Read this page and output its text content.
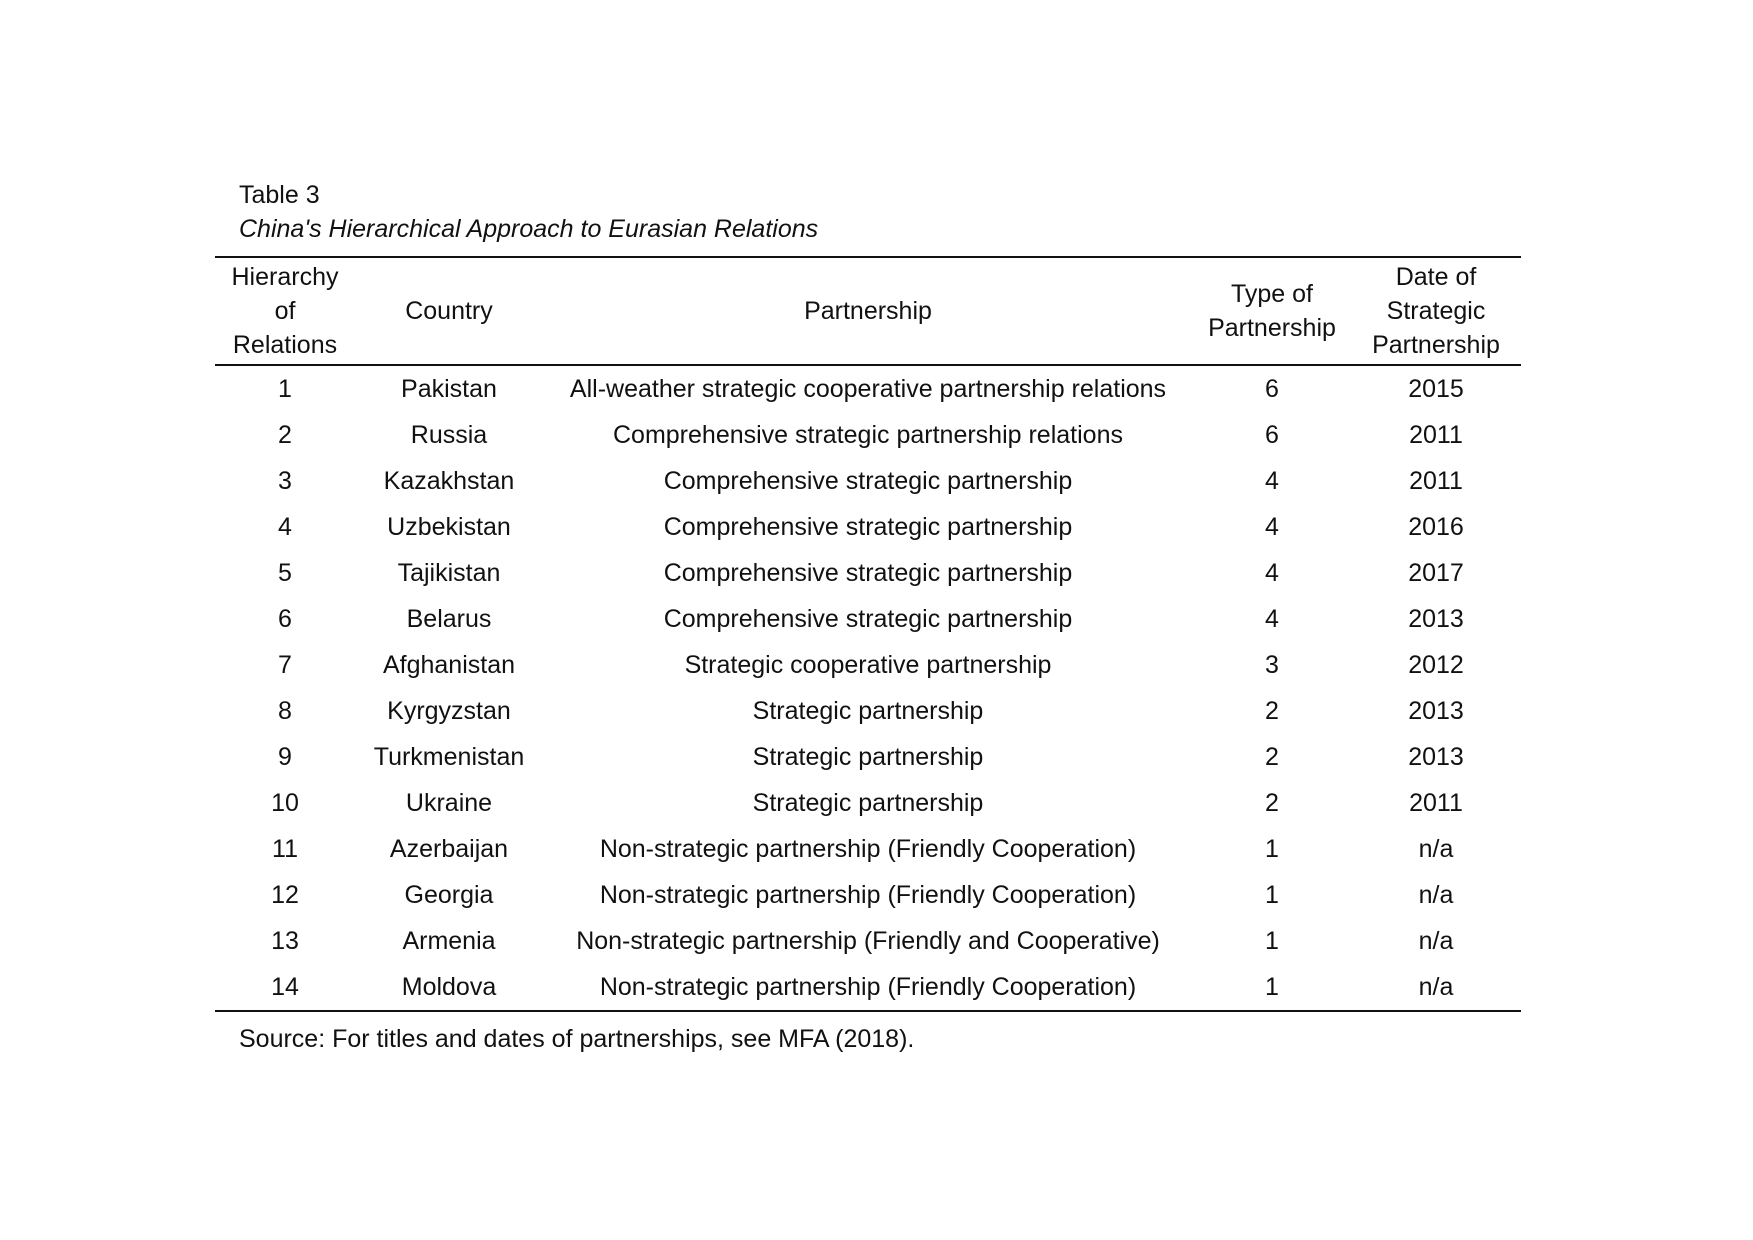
Table 3
China's Hierarchical Approach to Eurasian Relations
Hierarchy of Relations	Country	Partnership	Type of Partnership	Date of Strategic Partnership
1	Pakistan	All-weather strategic cooperative partnership relations	6	2015
2	Russia	Comprehensive strategic partnership relations	6	2011
3	Kazakhstan	Comprehensive strategic partnership	4	2011
4	Uzbekistan	Comprehensive strategic partnership	4	2016
5	Tajikistan	Comprehensive strategic partnership	4	2017
6	Belarus	Comprehensive strategic partnership	4	2013
7	Afghanistan	Strategic cooperative partnership	3	2012
8	Kyrgyzstan	Strategic partnership	2	2013
9	Turkmenistan	Strategic partnership	2	2013
10	Ukraine	Strategic partnership	2	2011
11	Azerbaijan	Non-strategic partnership (Friendly Cooperation)	1	n/a
12	Georgia	Non-strategic partnership (Friendly Cooperation)	1	n/a
13	Armenia	Non-strategic partnership (Friendly and Cooperative)	1	n/a
14	Moldova	Non-strategic partnership (Friendly Cooperation)	1	n/a
Source: For titles and dates of partnerships, see MFA (2018).
